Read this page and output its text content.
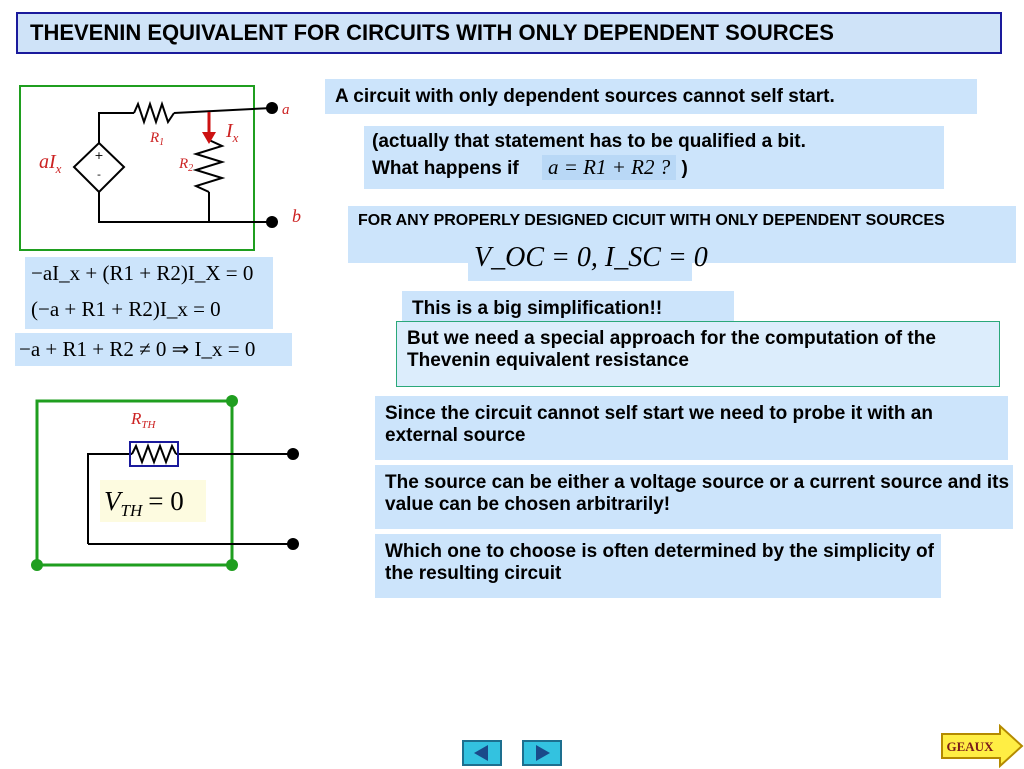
THEVENIN EQUIVALENT FOR CIRCUITS WITH ONLY DEPENDENT SOURCES
+
-
$aI_x$
$R_1$
$R_2$
$I_x$
a
b
−aI_x + (R1 + R2)I_X = 0
(−a + R1 + R2)I_x = 0
−a + R1 + R2 ≠ 0 ⇒ I_x = 0
$R_{TH}$
$V_{TH} = 0$
A circuit with only dependent sources cannot self start.
(actually that statement has to be qualified a bit.
What happens if a = R1 + R2 ? )
FOR ANY PROPERLY DESIGNED CICUIT WITH ONLY DEPENDENT SOURCES
V_OC = 0, I_SC = 0
This is a big simplification!!
But we need a special approach for the computation of the Thevenin equivalent resistance
Since the circuit cannot self start we need to probe it with an external source
The source can be either a voltage source or a current source and its value can be chosen arbitrarily!
Which one to choose is often determined by the simplicity of the resulting circuit
GEAUX
